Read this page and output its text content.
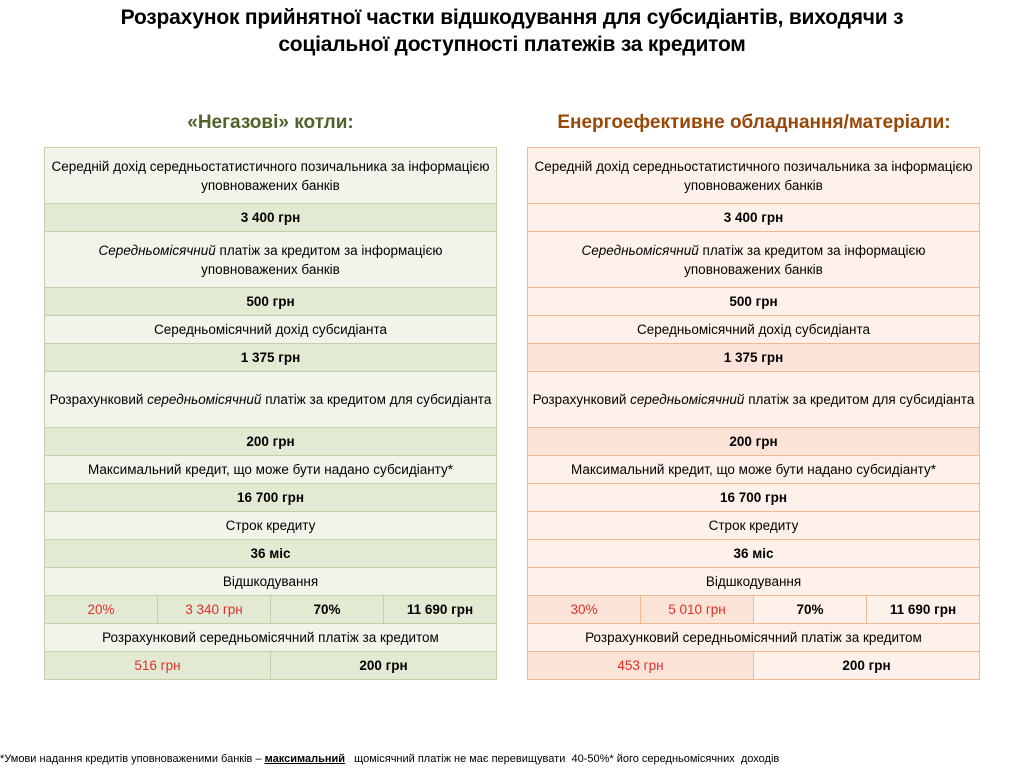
Розрахунок прийнятної частки відшкодування для субсидіантів, виходячи з
соціальної доступності платежів за кредитом
«Негазові» котли:	Енергоефективне обладнання/матеріали:
Середній дохід середньостатистичного позичальника за інформацією уповноважених банків			
3 400 грн			
Середньомісячний платіж за кредитом за інформацією уповноважених банків			
500 грн			
Середньомісячний дохід субсидіанта			
1 375 грн			
Розрахунковий середньомісячний платіж за кредитом для субсидіанта			
200 грн			
Максимальний кредит, що може бути надано субсидіанту*			
16 700 грн			
Строк кредиту			
36 міс			
Відшкодування			
20%	3 340 грн	70%	11 690 грн
Розрахунковий середньомісячний платіж за кредитом			
516 грн		200 грн	
Середній дохід середньостатистичного позичальника за інформацією уповноважених банків			
3 400 грн			
Середньомісячний платіж за кредитом за інформацією уповноважених банків			
500 грн			
Середньомісячний дохід субсидіанта			
1 375 грн			
Розрахунковий середньомісячний платіж за кредитом для субсидіанта			
200 грн			
Максимальний кредит, що може бути надано субсидіанту*			
16 700 грн			
Строк кредиту			
36 міс			
Відшкодування			
30%	5 010 грн	70%	11 690 грн
Розрахунковий середньомісячний платіж за кредитом			
453 грн		200 грн	
*Умови надання кредитів уповноваженими банків – максимальний   щомісячний платіж не має перевищувати  40-50%* його середньомісячних  доходів
